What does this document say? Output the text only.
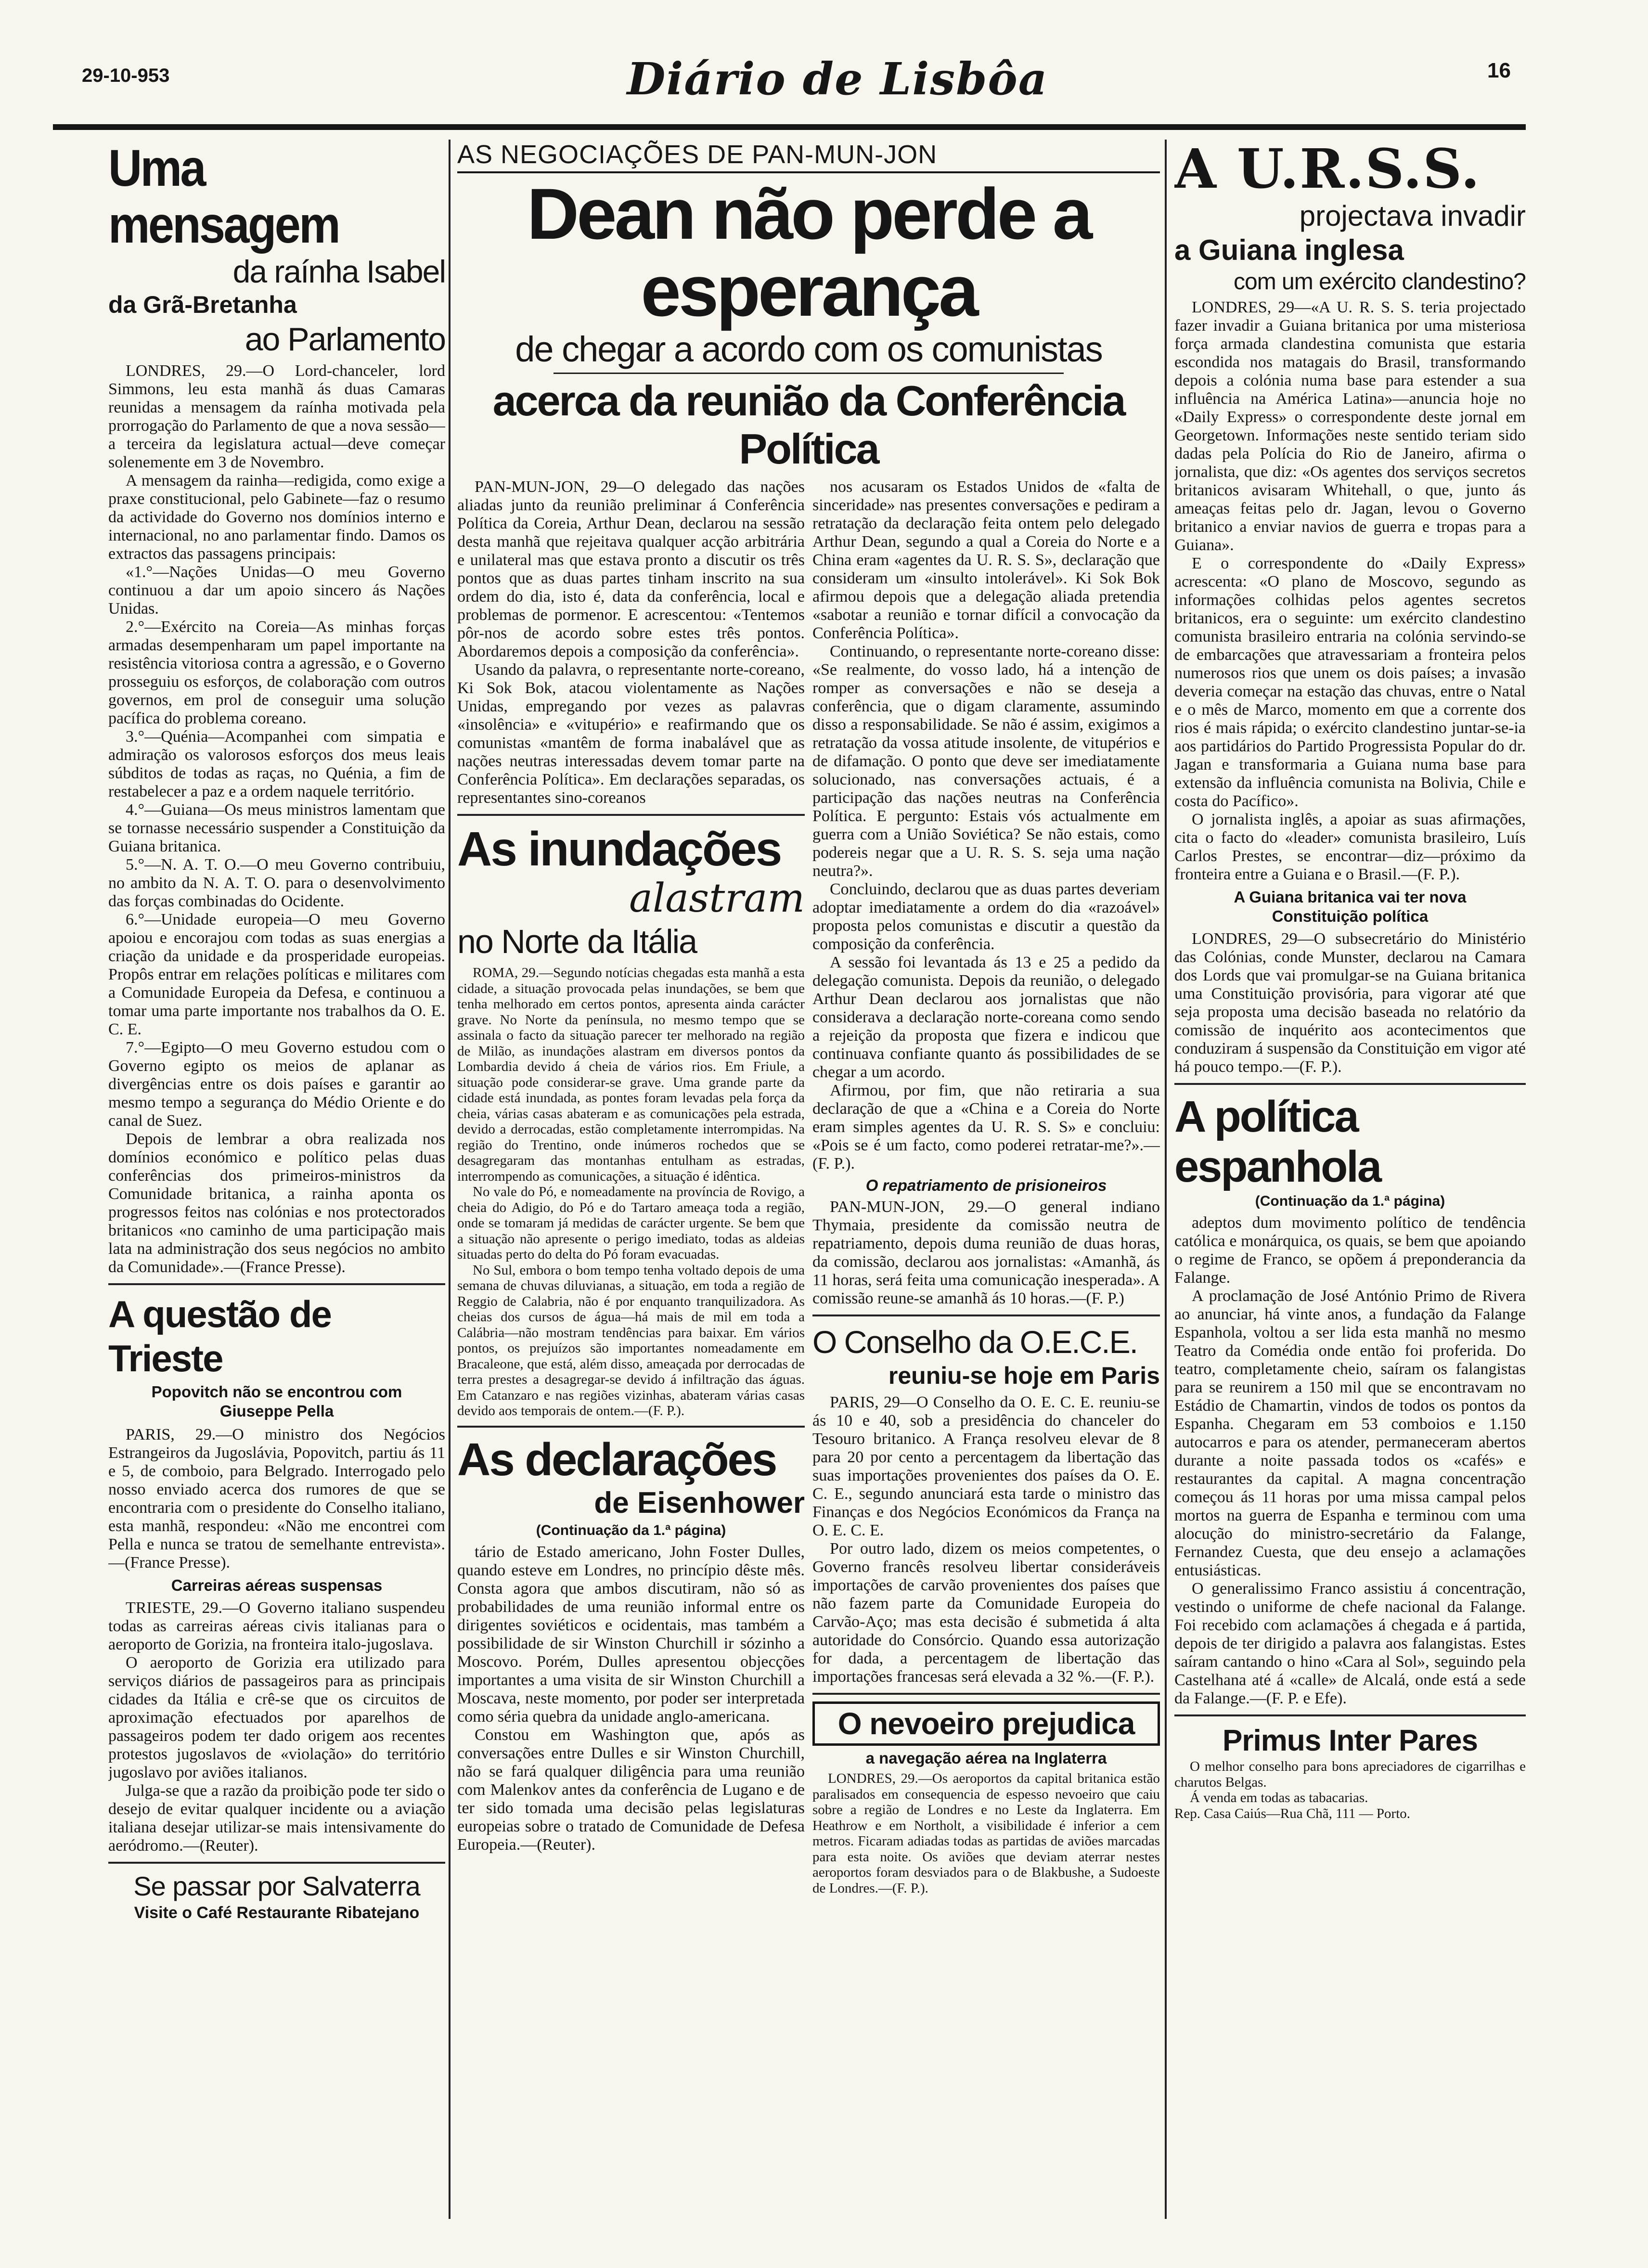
29-10-953	Diário de Lisbôa	16
Uma mensagem
da raínha Isabel
da Grã-Bretanha
ao Parlamento

LONDRES, 29.—O Lord-chanceler, lord Simmons, leu esta manhã ás duas Camaras reunidas a mensagem da raínha motivada pela prorrogação do Parlamento de que a nova sessão—a terceira da legislatura actual—deve começar solenemente em 3 de Novembro.

A mensagem da rainha—redigida, como exige a praxe constitucional, pelo Gabinete—faz o resumo da actividade do Governo nos domínios interno e internacional, no ano parlamentar findo. Damos os extractos das passagens principais:

«1.°—Nações Unidas—O meu Governo continuou a dar um apoio sincero ás Nações Unidas.

2.°—Exército na Coreia—As minhas forças armadas desempenharam um papel importante na resistência vitoriosa contra a agressão, e o Governo prosseguiu os esforços, de colaboração com outros governos, em prol de conseguir uma solução pacífica do problema coreano.

3.°—Quénia—Acompanhei com simpatia e admiração os valorosos esforços dos meus leais súbditos de todas as raças, no Quénia, a fim de restabelecer a paz e a ordem naquele território.

4.°—Guiana—Os meus ministros lamentam que se tornasse necessário suspender a Constituição da Guiana britanica.

5.°—N. A. T. O.—O meu Governo contribuiu, no ambito da N. A. T. O. para o desenvolvimento das forças combinadas do Ocidente.

6.°—Unidade europeia—O meu Governo apoiou e encorajou com todas as suas energias a criação da unidade e da prosperidade europeias. Propôs entrar em relações políticas e militares com a Comunidade Europeia da Defesa, e continuou a tomar uma parte importante nos trabalhos da O. E. C. E.

7.°—Egipto—O meu Governo estudou com o Governo egipto os meios de aplanar as divergências entre os dois países e garantir ao mesmo tempo a segurança do Médio Oriente e do canal de Suez.

Depois de lembrar a obra realizada nos domínios económico e político pelas duas conferências dos primeiros-ministros da Comunidade britanica, a rainha aponta os progressos feitos nas colónias e nos protectorados britanicos «no caminho de uma participação mais lata na administração dos seus negócios no ambito da Comunidade».—(France Presse).

A questão de Trieste
Popovitch não se encontrou com Giuseppe Pella

PARIS, 29.—O ministro dos Negócios Estrangeiros da Jugoslávia, Popovitch, partiu ás 11 e 5, de comboio, para Belgrado. Interrogado pelo nosso enviado acerca dos rumores de que se encontraria com o presidente do Conselho italiano, esta manhã, respondeu: «Não me encontrei com Pella e nunca se tratou de semelhante entrevista».—(France Presse).

Carreiras aéreas suspensas

TRIESTE, 29.—O Governo italiano suspendeu todas as carreiras aéreas civis italianas para o aeroporto de Gorizia, na fronteira italo-jugoslava.

O aeroporto de Gorizia era utilizado para serviços diários de passageiros para as principais cidades da Itália e crê-se que os circuitos de aproximação efectuados por aparelhos de passageiros podem ter dado origem aos recentes protestos jugoslavos de «violação» do território jugoslavo por aviões italianos.

Julga-se que a razão da proibição pode ter sido o desejo de evitar qualquer incidente ou a aviação italiana desejar utilizar-se mais intensivamente do aeródromo.—(Reuter).

Se passar por Salvaterra
Visite o Café Restaurante Ribatejano
AS NEGOCIAÇÕES DE PAN-MUN-JON
Dean não perde a esperança
de chegar a acordo com os comunistas
acerca da reunião da Conferência Política

PAN-MUN-JON, 29—O delegado das nações aliadas junto da reunião preliminar á Conferência Política da Coreia, Arthur Dean, declarou na sessão desta manhã que rejeitava qualquer acção arbitrária e unilateral mas que estava pronto a discutir os três pontos que as duas partes tinham inscrito na sua ordem do dia, isto é, data da conferência, local e problemas de pormenor. E acrescentou: «Tentemos pôr-nos de acordo sobre estes três pontos. Abordaremos depois a composição da conferência».

Usando da palavra, o representante norte-coreano, Ki Sok Bok, atacou violentamente as Nações Unidas, empregando por vezes as palavras «insolência» e «vitupério» e reafirmando que os comunistas «mantêm de forma inabalável que as nações neutras interessadas devem tomar parte na Conferência Política». Em declarações separadas, os representantes sino-coreanos

As inundações
alastram
no Norte da Itália

ROMA, 29.—Segundo notícias chegadas esta manhã a esta cidade, a situação provocada pelas inundações, se bem que tenha melhorado em certos pontos, apresenta ainda carácter grave. No Norte da península, no mesmo tempo que se assinala o facto da situação parecer ter melhorado na região de Milão, as inundações alastram em diversos pontos da Lombardia devido á cheia de vários rios. Em Friule, a situação pode considerar-se grave. Uma grande parte da cidade está inundada, as pontes foram levadas pela força da cheia, várias casas abateram e as comunicações pela estrada, devido a derrocadas, estão completamente interrompidas. Na região do Trentino, onde inúmeros rochedos que se desagregaram das montanhas entulham as estradas, interrompendo as comunicações, a situação é idêntica.

No vale do Pó, e nomeadamente na província de Rovigo, a cheia do Adigio, do Pó e do Tartaro ameaça toda a região, onde se tomaram já medidas de carácter urgente. Se bem que a situação não apresente o perigo imediato, todas as aldeias situadas perto do delta do Pó foram evacuadas.

No Sul, embora o bom tempo tenha voltado depois de uma semana de chuvas diluvianas, a situação, em toda a região de Reggio de Calabria, não é por enquanto tranquilizadora. As cheias dos cursos de água—há mais de mil em toda a Calábria—não mostram tendências para baixar. Em vários pontos, os prejuízos são importantes nomeadamente em Bracaleone, que está, além disso, ameaçada por derrocadas de terra prestes a desagregar-se devido á infiltração das águas. Em Catanzaro e nas regiões vizinhas, abateram várias casas devido aos temporais de ontem.—(F. P.).

As declarações
de Eisenhower
(Continuação da 1.ª página)

tário de Estado americano, John Foster Dulles, quando esteve em Londres, no princípio dêste mês. Consta agora que ambos discutiram, não só as probabilidades de uma reunião informal entre os dirigentes soviéticos e ocidentais, mas também a possibilidade de sir Winston Churchill ir sózinho a Moscovo. Porém, Dulles apresentou objecções importantes a uma visita de sir Winston Churchill a Moscava, neste momento, por poder ser interpretada como séria quebra da unidade anglo-americana.

Constou em Washington que, após as conversações entre Dulles e sir Winston Churchill, não se fará qualquer diligência para uma reunião com Malenkov antes da conferência de Lugano e de ter sido tomada uma decisão pelas legislaturas europeias sobre o tratado de Comunidade de Defesa Europeia.—(Reuter).

nos acusaram os Estados Unidos de «falta de sinceridade» nas presentes conversações e pediram a retratação da declaração feita ontem pelo delegado Arthur Dean, segundo a qual a Coreia do Norte e a China eram «agentes da U. R. S. S», declaração que consideram um «insulto intolerável». Ki Sok Bok afirmou depois que a delegação aliada pretendia «sabotar a reunião e tornar difícil a convocação da Conferência Política».

Continuando, o representante norte-coreano disse: «Se realmente, do vosso lado, há a intenção de romper as conversações e não se deseja a conferência, que o digam claramente, assumindo disso a responsabilidade. Se não é assim, exigimos a retratação da vossa atitude insolente, de vitupérios e de difamação. O ponto que deve ser imediatamente solucionado, nas conversações actuais, é a participação das nações neutras na Conferência Política. E pergunto: Estais vós actualmente em guerra com a União Soviética? Se não estais, como podereis negar que a U. R. S. S. seja uma nação neutra?».

Concluindo, declarou que as duas partes deveriam adoptar imediatamente a ordem do dia «razoável» proposta pelos comunistas e discutir a questão da composição da conferência.

A sessão foi levantada ás 13 e 25 a pedido da delegação comunista. Depois da reunião, o delegado Arthur Dean declarou aos jornalistas que não considerava a declaração norte-coreana como sendo a rejeição da proposta que fizera e indicou que continuava confiante quanto ás possibilidades de se chegar a um acordo.

Afirmou, por fim, que não retiraria a sua declaração de que a «China e a Coreia do Norte eram simples agentes da U. R. S. S» e concluiu: «Pois se é um facto, como poderei retratar-me?».—(F. P.).

O repatriamento de prisioneiros

PAN-MUN-JON, 29.—O general indiano Thymaia, presidente da comissão neutra de repatriamento, depois duma reunião de duas horas, da comissão, declarou aos jornalistas: «Amanhã, ás 11 horas, será feita uma comunicação inesperada». A comissão reune-se amanhã ás 10 horas.—(F. P.)

O Conselho da O.E.C.E.
reuniu-se hoje em Paris

PARIS, 29—O Conselho da O. E. C. E. reuniu-se ás 10 e 40, sob a presidência do chanceler do Tesouro britanico. A França resolveu elevar de 8 para 20 por cento a percentagem da libertação das suas importações provenientes dos países da O. E. C. E., segundo anunciará esta tarde o ministro das Finanças e dos Negócios Económicos da França na O. E. C. E.

Por outro lado, dizem os meios competentes, o Governo francês resolveu libertar consideráveis importações de carvão provenientes dos países que não fazem parte da Comunidade Europeia do Carvão-Aço; mas esta decisão é submetida á alta autoridade do Consórcio. Quando essa autorização for dada, a percentagem de libertação das importações francesas será elevada a 32 %.—(F. P.).

O nevoeiro prejudica
a navegação aérea na Inglaterra

LONDRES, 29.—Os aeroportos da capital britanica estão paralisados em consequencia de espesso nevoeiro que caiu sobre a região de Londres e no Leste da Inglaterra. Em Heathrow e em Northolt, a visibilidade é inferior a cem metros. Ficaram adiadas todas as partidas de aviões marcadas para esta noite. Os aviões que deviam aterrar nestes aeroportos foram desviados para o de Blakbushe, a Sudoeste de Londres.—(F. P.).

A U.R.S.S.
projectava invadir
a Guiana inglesa
com um exército clandestino?

LONDRES, 29—«A U. R. S. S. teria projectado fazer invadir a Guiana britanica por uma misteriosa força armada clandestina comunista que estaria escondida nos matagais do Brasil, transformando depois a colónia numa base para estender a sua influência na América Latina»—anuncia hoje no «Daily Express» o correspondente deste jornal em Georgetown. Informações neste sentido teriam sido dadas pela Polícia do Rio de Janeiro, afirma o jornalista, que diz: «Os agentes dos serviços secretos britanicos avisaram Whitehall, o que, junto ás ameaças feitas pelo dr. Jagan, levou o Governo britanico a enviar navios de guerra e tropas para a Guiana».

E o correspondente do «Daily Express» acrescenta: «O plano de Moscovo, segundo as informações colhidas pelos agentes secretos britanicos, era o seguinte: um exército clandestino comunista brasileiro entraria na colónia servindo-se de embarcações que atravessariam a fronteira pelos numerosos rios que unem os dois países; a invasão deveria começar na estação das chuvas, entre o Natal e o mês de Marco, momento em que a corrente dos rios é mais rápida; o exército clandestino juntar-se-ia aos partidários do Partido Progressista Popular do dr. Jagan e transformaria a Guiana numa base para extensão da influência comunista na Bolivia, Chile e costa do Pacífico».

O jornalista inglês, a apoiar as suas afirmações, cita o facto do «leader» comunista brasileiro, Luís Carlos Prestes, se encontrar—diz—próximo da fronteira entre a Guiana e o Brasil.—(F. P.).

A Guiana britanica vai ter nova Constituição política

LONDRES, 29—O subsecretário do Ministério das Colónias, conde Munster, declarou na Camara dos Lords que vai promulgar-se na Guiana britanica uma Constituição provisória, para vigorar até que seja proposta uma decisão baseada no relatório da comissão de inquérito aos acontecimentos que conduziram á suspensão da Constituição em vigor até há pouco tempo.—(F. P.).

A política espanhola
(Continuação da 1.ª página)

adeptos dum movimento político de tendência católica e monárquica, os quais, se bem que apoiando o regime de Franco, se opõem á preponderancia da Falange.

A proclamação de José António Primo de Rivera ao anunciar, há vinte anos, a fundação da Falange Espanhola, voltou a ser lida esta manhã no mesmo Teatro da Comédia onde então foi proferida. Do teatro, completamente cheio, saíram os falangistas para se reunirem a 150 mil que se encontravam no Estádio de Chamartin, vindos de todos os pontos da Espanha. Chegaram em 53 comboios e 1.150 autocarros e para os atender, permaneceram abertos durante a noite passada todos os «cafés» e restaurantes da capital. A magna concentração começou ás 11 horas por uma missa campal pelos mortos na guerra de Espanha e terminou com uma alocução do ministro-secretário da Falange, Fernandez Cuesta, que deu ensejo a aclamações entusiásticas.

O generalissimo Franco assistiu á concentração, vestindo o uniforme de chefe nacional da Falange. Foi recebido com aclamações á chegada e á partida, depois de ter dirigido a palavra aos falangistas. Estes saíram cantando o hino «Cara al Sol», seguindo pela Castelhana até á «calle» de Alcalá, onde está a sede da Falange.—(F. P. e Efe).

Primus Inter Pares

O melhor conselho para bons apreciadores de cigarrilhas e charutos Belgas.

Á venda em todas as tabacarias.

Rep. Casa Caiús—Rua Chã, 111 — Porto.
